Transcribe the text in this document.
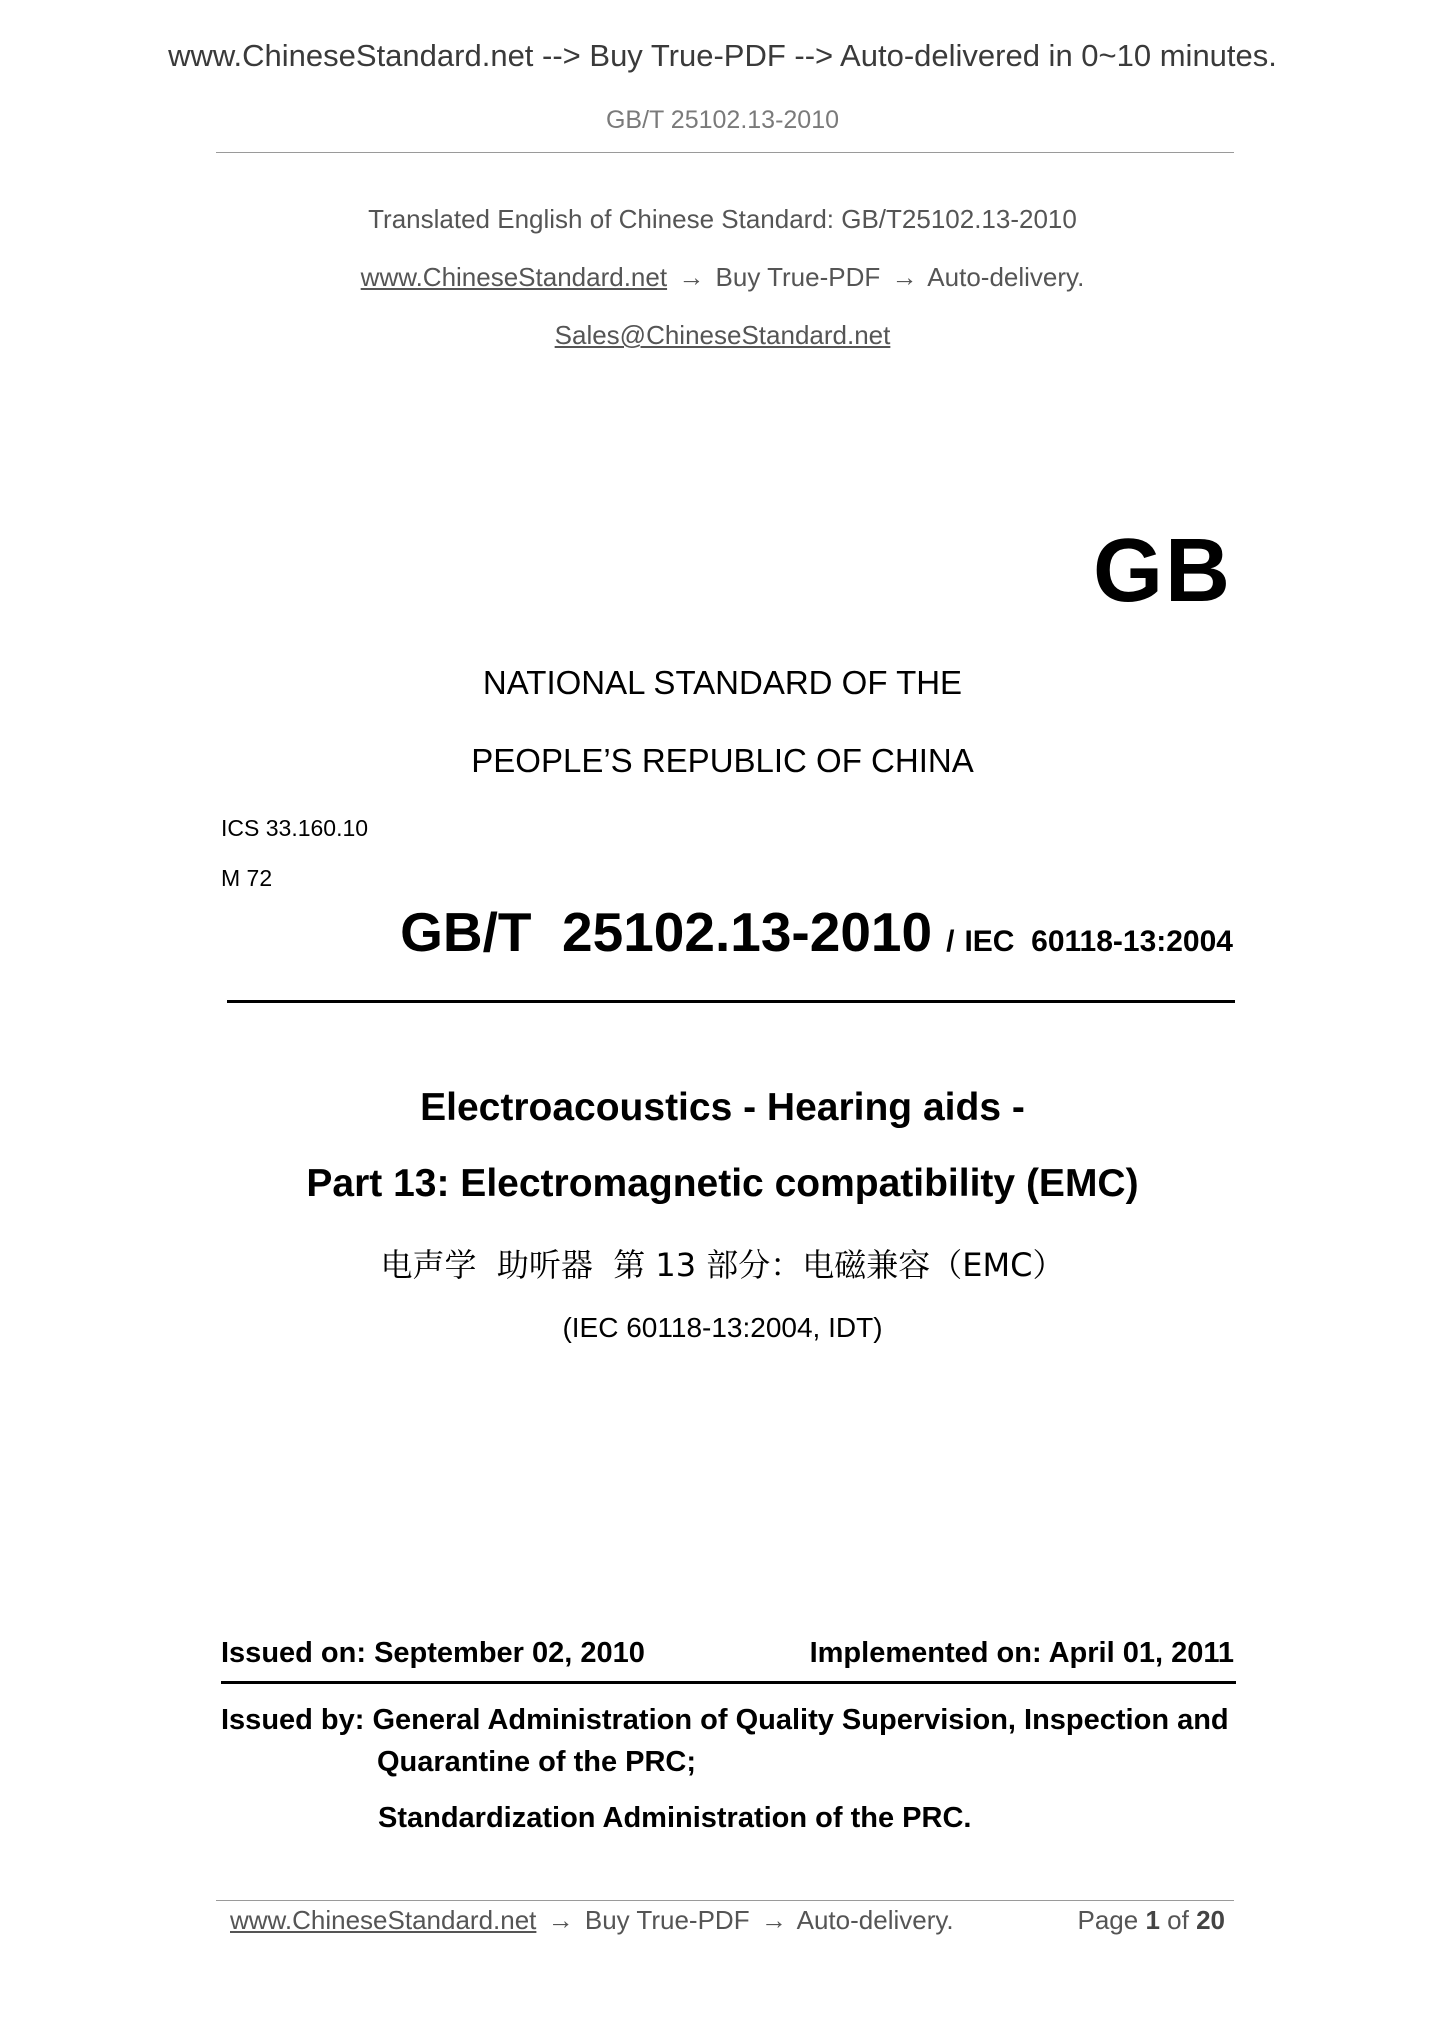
www.ChineseStandard.net --> Buy True-PDF --> Auto-delivered in 0~10 minutes.
GB/T 25102.13-2010
Translated English of Chinese Standard: GB/T25102.13-2010
www.ChineseStandard.net → Buy True-PDF → Auto-delivery.
Sales@ChineseStandard.net
GB
NATIONAL STANDARD OF THE
PEOPLE’S REPUBLIC OF CHINA
ICS 33.160.10
M 72
GB/T  25102.13-2010 / IEC  60118-13:2004
Electroacoustics - Hearing aids -
Part 13: Electromagnetic compatibility (EMC)
电声学  助听器  第 13 部分：电磁兼容（EMC）
(IEC 60118-13:2004, IDT)
Issued on: September 02, 2010	Implemented on: April 01, 2011
Issued by: General Administration of Quality Supervision, Inspection and
Quarantine of the PRC;
Standardization Administration of the PRC.
www.ChineseStandard.net → Buy True-PDF → Auto-delivery.	Page 1 of 20
